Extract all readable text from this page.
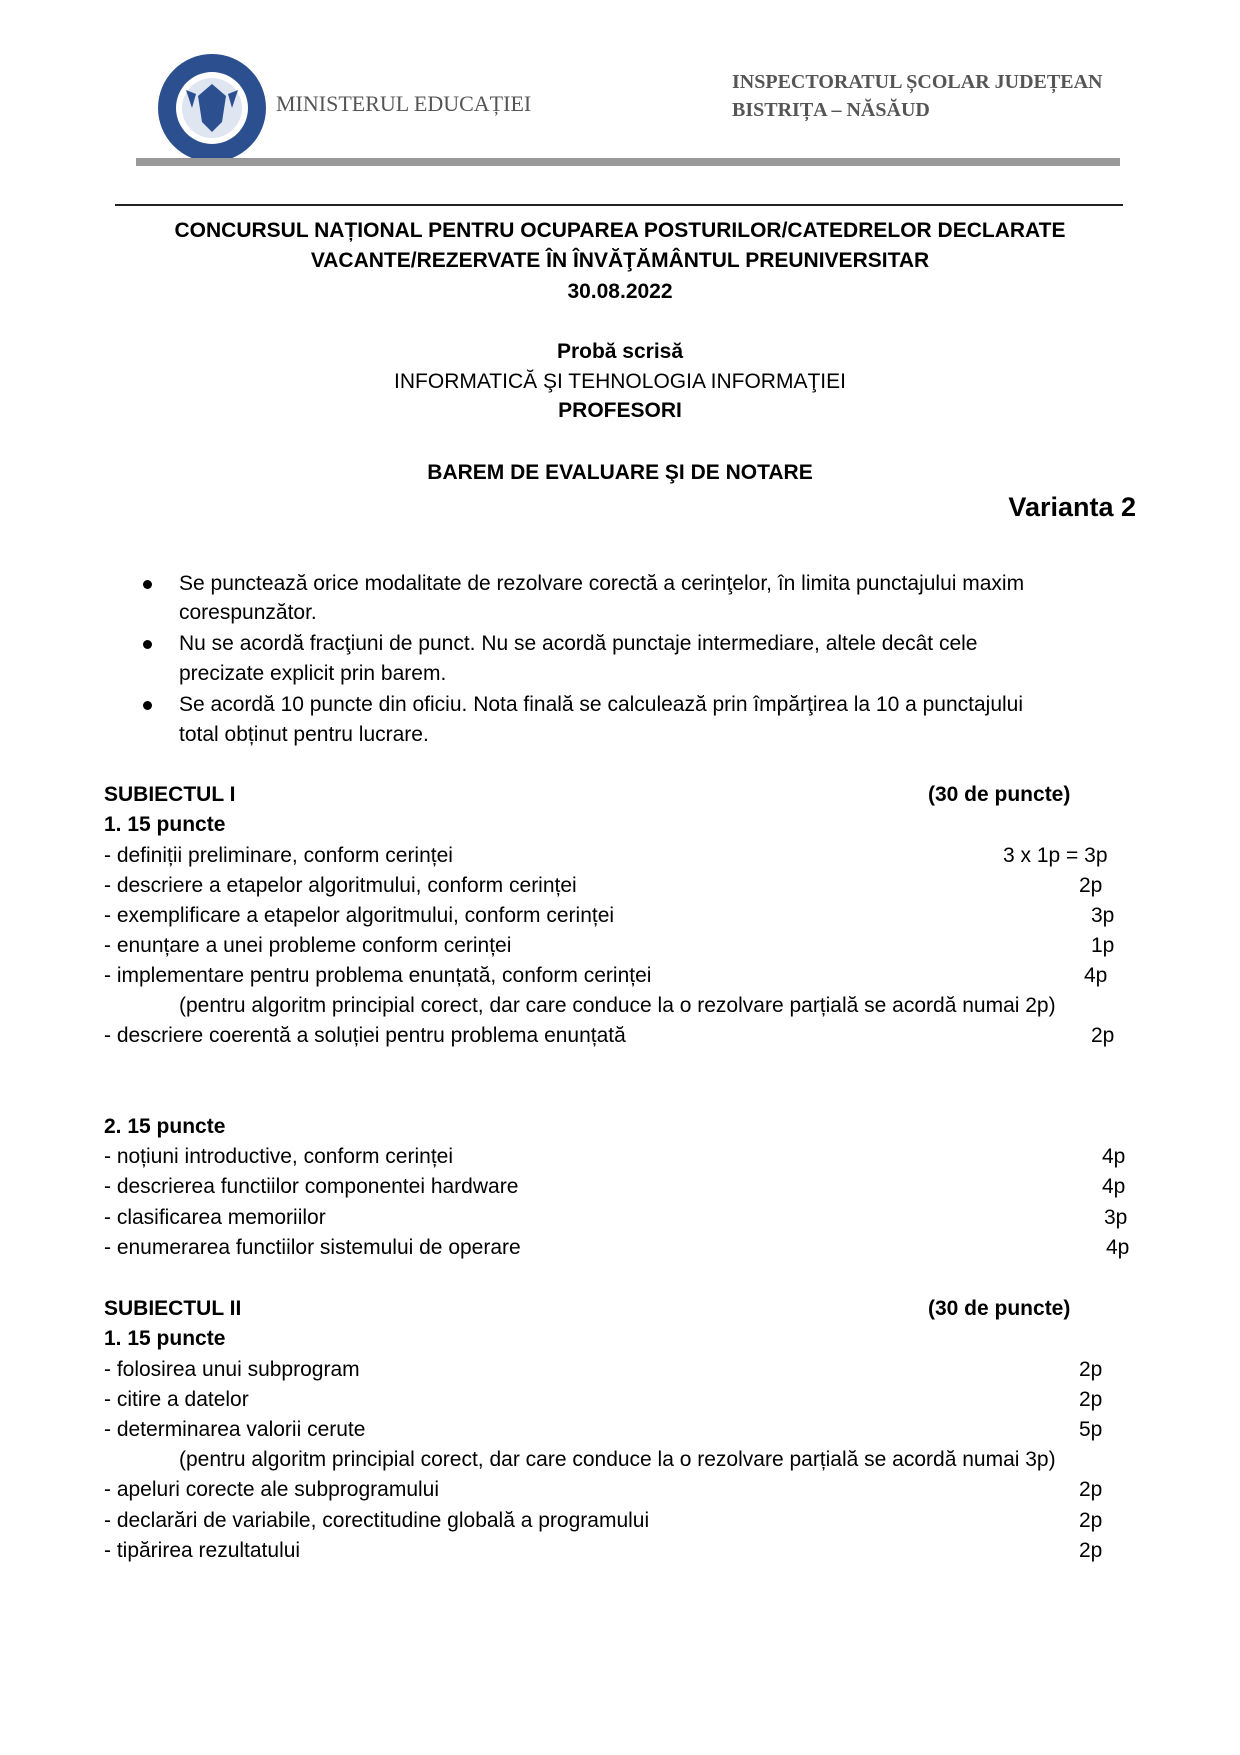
MINISTERUL EDUCAȚIEI
INSPECTORATUL ȘCOLAR JUDEȚEAN
BISTRIȚA – NĂSĂUD
CONCURSUL NAȚIONAL PENTRU OCUPAREA POSTURILOR/CATEDRELOR DECLARATE
VACANTE/REZERVATE ÎN ÎNVĂŢĂMÂNTUL PREUNIVERSITAR
30.08.2022
Probă scrisă
INFORMATICĂ ŞI TEHNOLOGIA INFORMAŢIEI
PROFESORI
BAREM DE EVALUARE ŞI DE NOTARE
Varianta 2
Se punctează orice modalitate de rezolvare corectă a cerinţelor, în limita punctajului maxim
corespunzător.
Nu se acordă fracţiuni de punct. Nu se acordă punctaje intermediare, altele decât cele
precizate explicit prin barem.
Se acordă 10 puncte din oficiu. Nota finală se calculează prin împărţirea la 10 a punctajului
total obținut pentru lucrare.
SUBIECTUL I	(30 de puncte)
1. 15 puncte
- definiții preliminare, conform cerinței	3 x 1p = 3p
- descriere a etapelor algoritmului, conform cerinței	2p
- exemplificare a etapelor algoritmului, conform cerinței	3p
- enunțare a unei probleme conform cerinței	1p
- implementare pentru problema enunțată, conform cerinței	4p
(pentru algoritm principial corect, dar care conduce la o rezolvare parțială se acordă numai 2p)
- descriere coerentă a soluției pentru problema enunțată	2p
2. 15 puncte
- noțiuni introductive, conform cerinței	4p
- descrierea functiilor componentei hardware	4p
- clasificarea memoriilor	3p
- enumerarea functiilor sistemului de operare	4p
SUBIECTUL II	(30 de puncte)
1. 15 puncte
- folosirea unui subprogram	2p
- citire a datelor	2p
- determinarea valorii cerute	5p
(pentru algoritm principial corect, dar care conduce la o rezolvare parțială se acordă numai 3p)
- apeluri corecte ale subprogramului	2p
- declarări de variabile, corectitudine globală a programului	2p
- tipărirea rezultatului	2p
